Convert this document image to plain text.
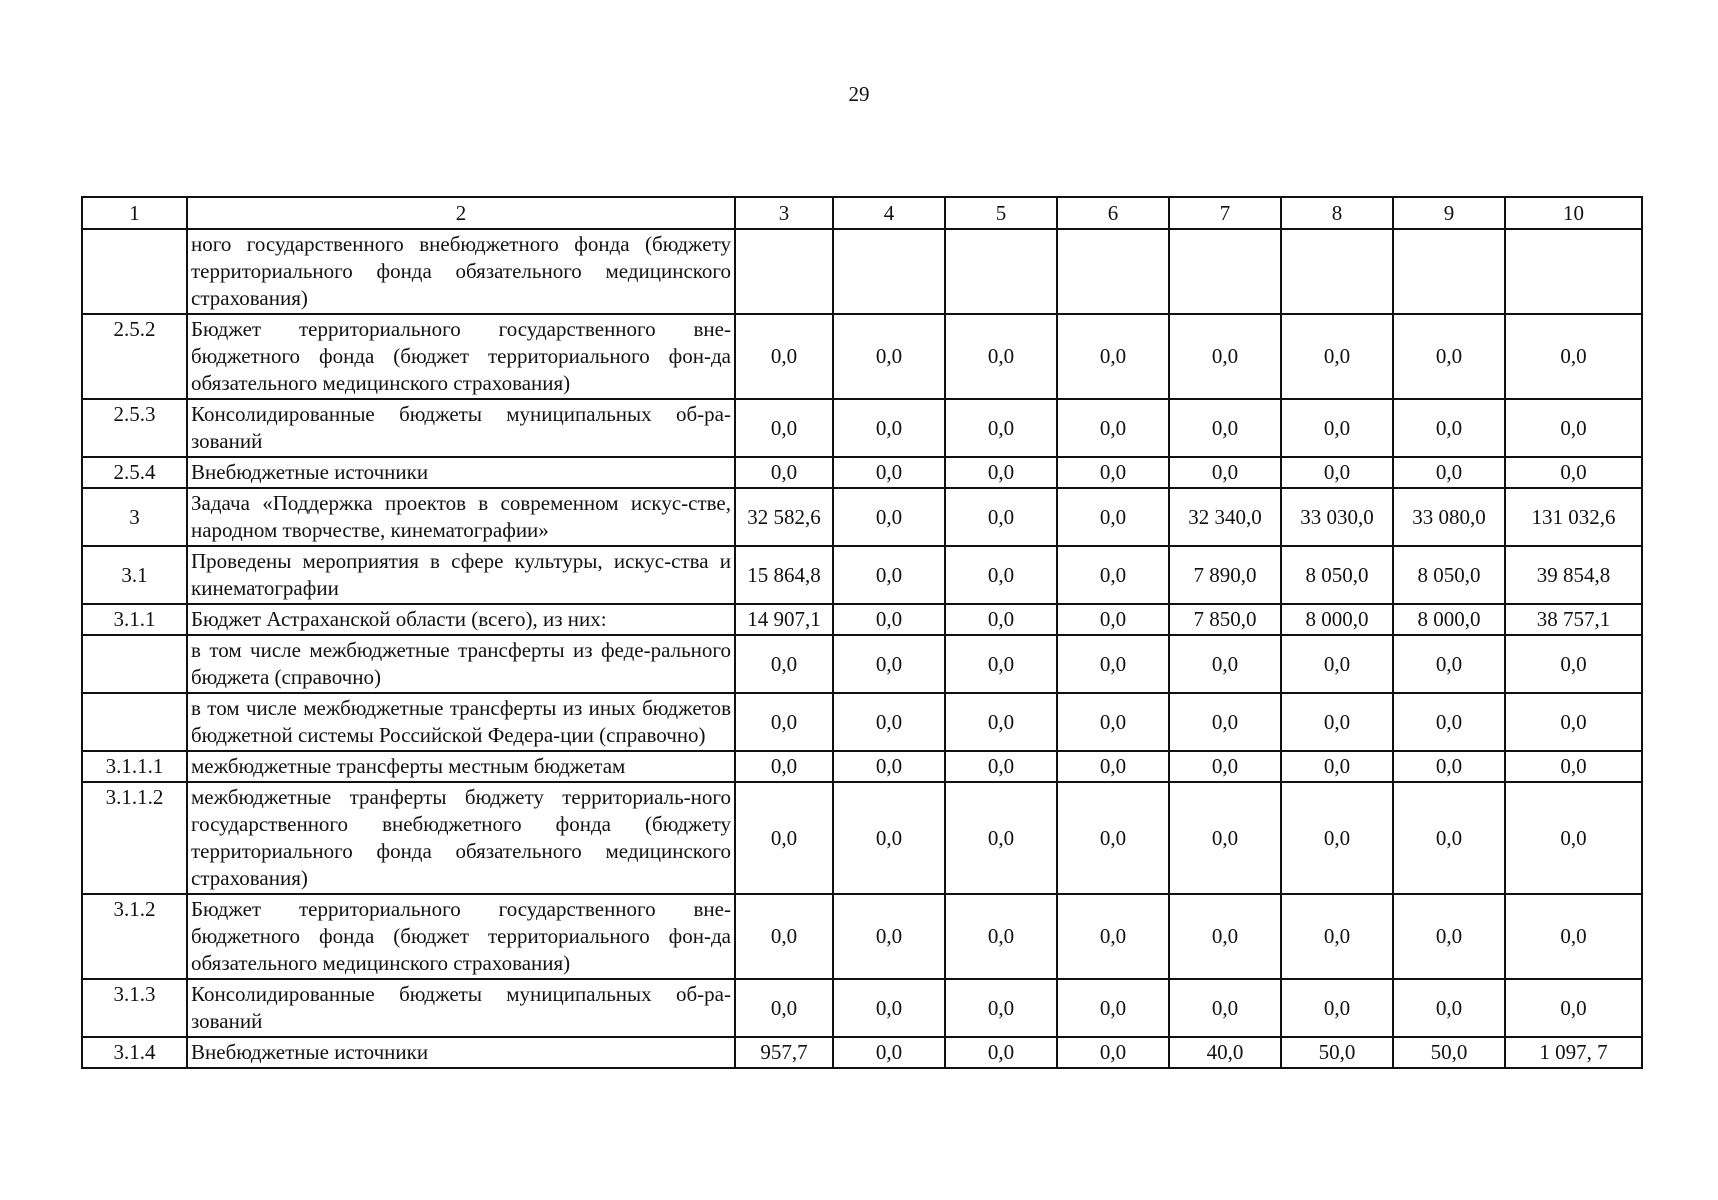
29
1	2	3	4	5	6	7	8	9	10
	ного государственного внебюджетного фонда (бюджету территориального фонда обязательного медицинского страхования)								
2.5.2	Бюджет территориального государственного вне-бюджетного фонда (бюджет территориального фон-да обязательного медицинского страхования)	0,0	0,0	0,0	0,0	0,0	0,0	0,0	0,0
2.5.3	Консолидированные бюджеты муниципальных об-ра-зований	0,0	0,0	0,0	0,0	0,0	0,0	0,0	0,0
2.5.4	Внебюджетные источники	0,0	0,0	0,0	0,0	0,0	0,0	0,0	0,0
3	Задача «Поддержка проектов в современном искус-стве, народном творчестве, кинематографии»	32 582,6	0,0	0,0	0,0	32 340,0	33 030,0	33 080,0	131 032,6
3.1	Проведены мероприятия в сфере культуры, искус-ства и кинематографии	15 864,8	0,0	0,0	0,0	7 890,0	8 050,0	8 050,0	39 854,8
3.1.1	Бюджет Астраханской области (всего), из них:	14 907,1	0,0	0,0	0,0	7 850,0	8 000,0	8 000,0	38 757,1
	в том числе межбюджетные трансферты из феде-рального бюджета (справочно)	0,0	0,0	0,0	0,0	0,0	0,0	0,0	0,0
	в том числе межбюджетные трансферты из иных бюджетов бюджетной системы Российской Федера-ции (справочно)	0,0	0,0	0,0	0,0	0,0	0,0	0,0	0,0
3.1.1.1	межбюджетные трансферты местным бюджетам	0,0	0,0	0,0	0,0	0,0	0,0	0,0	0,0
3.1.1.2	межбюджетные транферты бюджету территориаль-ного государственного внебюджетного фонда (бюджету территориального фонда обязательного медицинского страхования)	0,0	0,0	0,0	0,0	0,0	0,0	0,0	0,0
3.1.2	Бюджет территориального государственного вне-бюджетного фонда (бюджет территориального фон-да обязательного медицинского страхования)	0,0	0,0	0,0	0,0	0,0	0,0	0,0	0,0
3.1.3	Консолидированные бюджеты муниципальных об-ра-зований	0,0	0,0	0,0	0,0	0,0	0,0	0,0	0,0
3.1.4	Внебюджетные источники	957,7	0,0	0,0	0,0	40,0	50,0	50,0	1 097, 7
